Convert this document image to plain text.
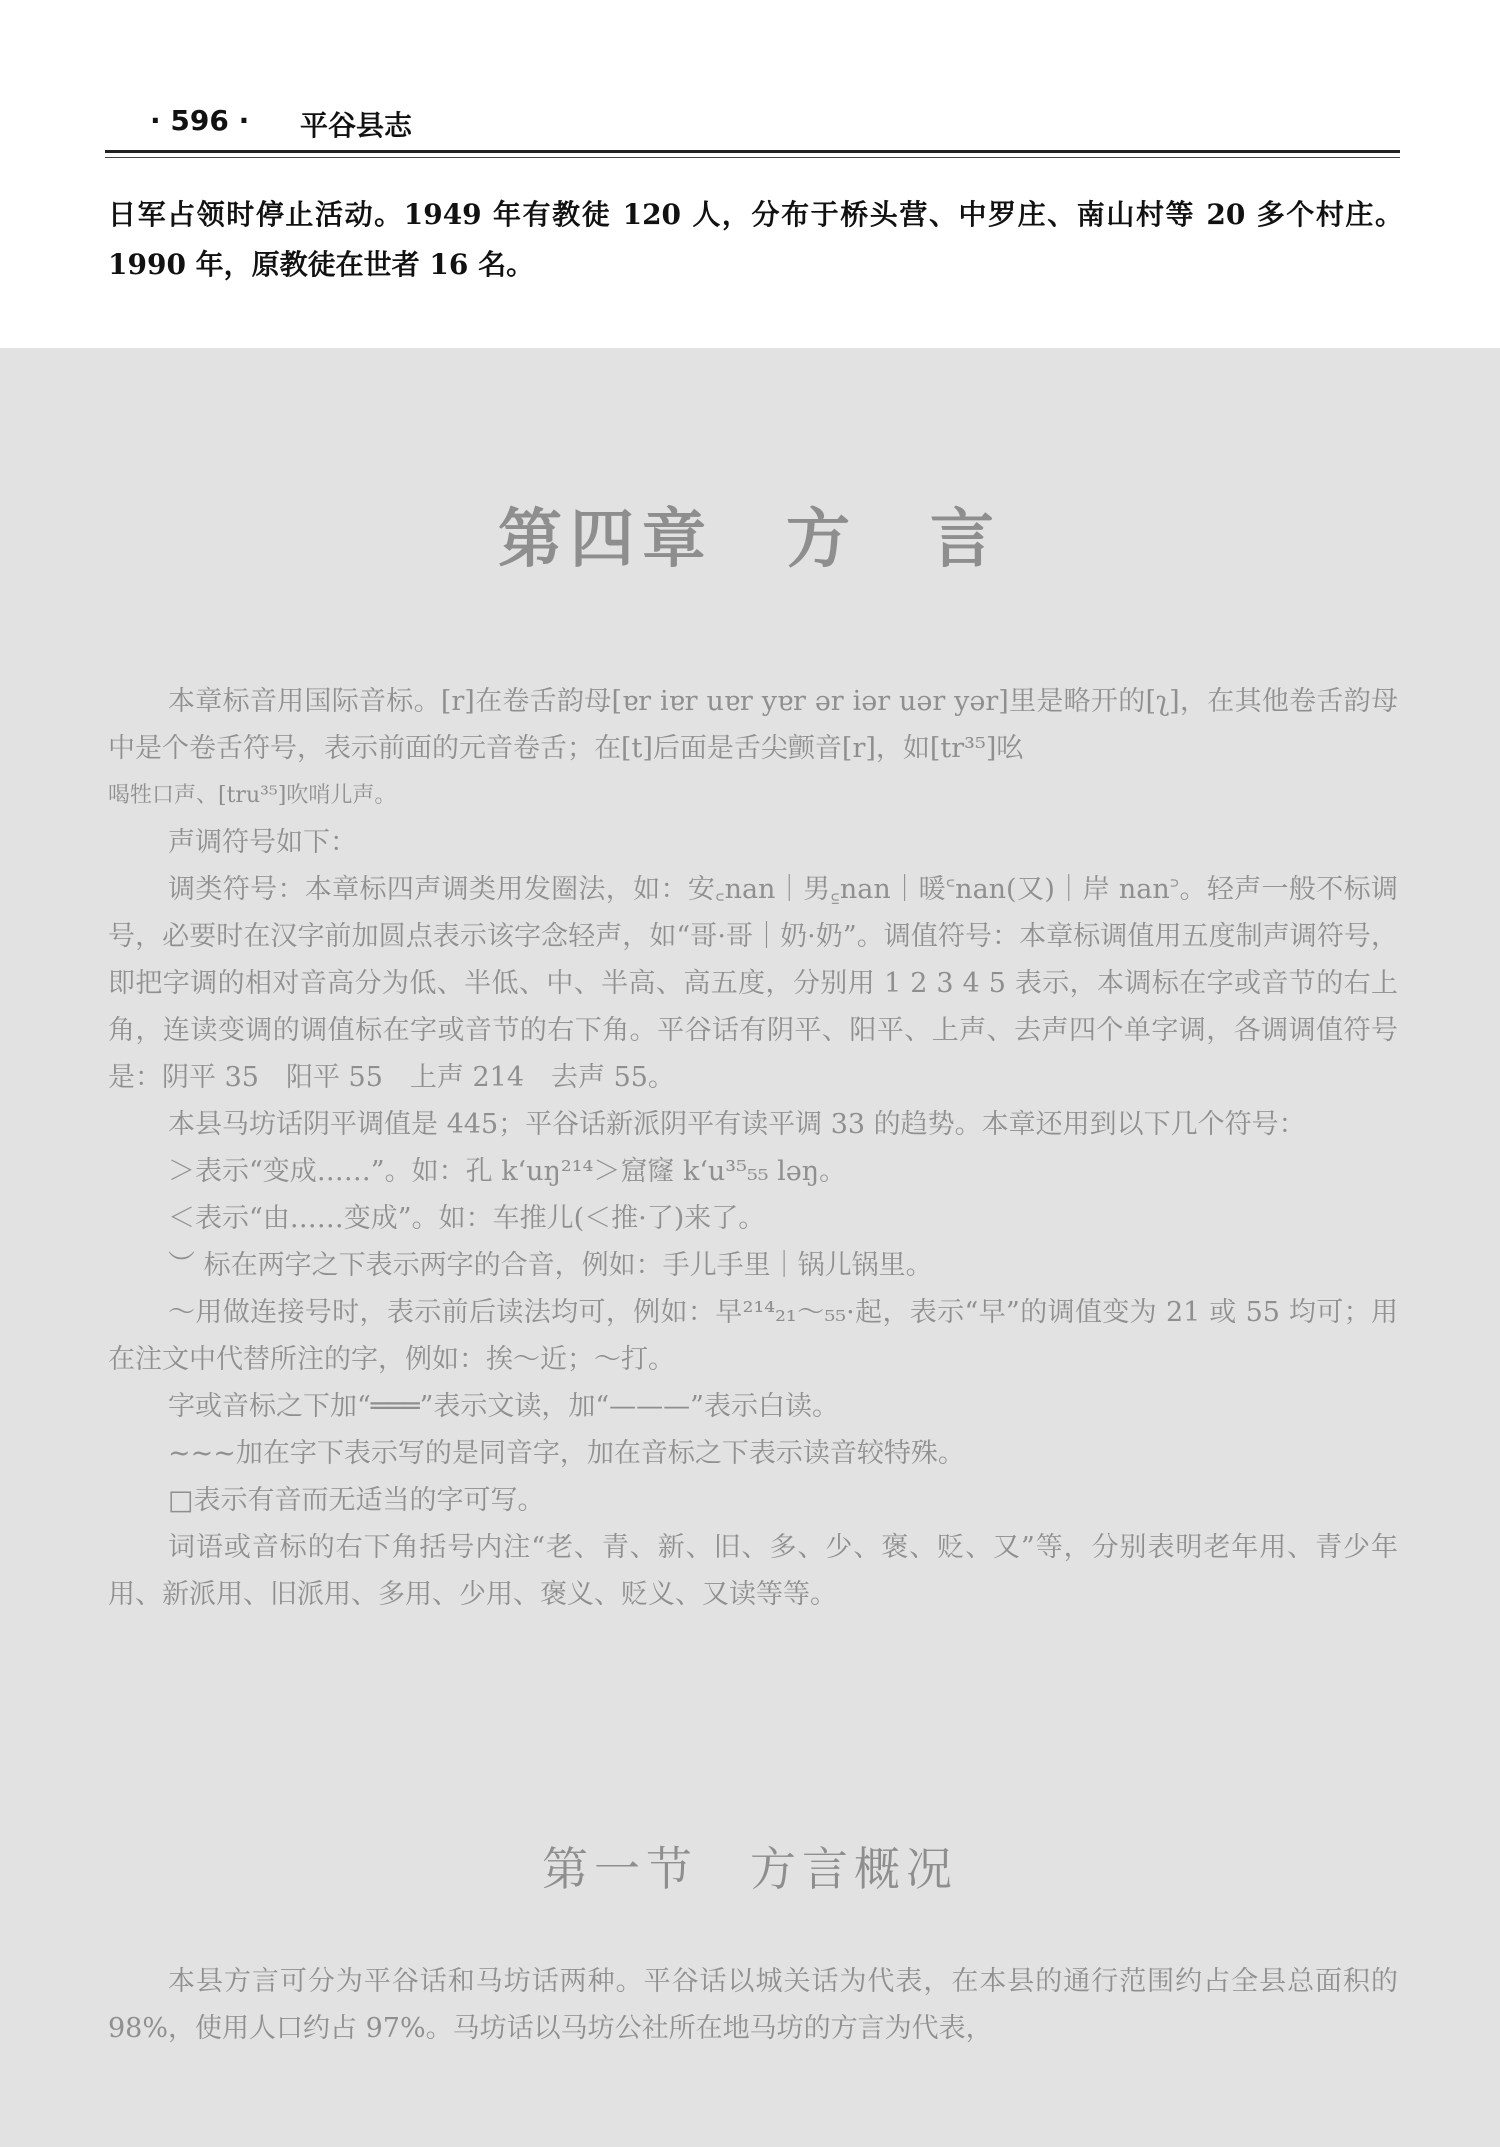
· 596 · 平谷县志
日军占领时停止活动。1949 年有教徒 120 人，分布于桥头营、中罗庄、南山村等 20 多个村庄。1990 年，原教徒在世者 16 名。
第四章　方　言

本章标音用国际音标。[r]在卷舌韵母[ɐr iɐr uɐr yɐr ər iər uər yər]里是略开的[ʅ]，在其他卷舌韵母中是个卷舌符号，表示前面的元音卷舌；在[t]后面是舌尖颤音[r]，如[tr³⁵]吆

喝牲口声、[tru³⁵]吹哨儿声。

声调符号如下：

调类符号：本章标四声调类用发圈法，如：安꜀nan｜男꜁nan｜暖꜂nan(又)｜岸 nan꜄。轻声一般不标调号，必要时在汉字前加圆点表示该字念轻声，如“哥·哥｜奶·奶”。调值符号：本章标调值用五度制声调符号，即把字调的相对音高分为低、半低、中、半高、高五度，分别用 1 2 3 4 5 表示，本调标在字或音节的右上角，连读变调的调值标在字或音节的右下角。平谷话有阴平、阳平、上声、去声四个单字调，各调调值符号是：阴平 35　阳平 55　上声 214　去声 55。

本县马坊话阴平调值是 445；平谷话新派阴平有读平调 33 的趋势。本章还用到以下几个符号：

＞表示“变成……”。如：孔 k‘uŋ²¹⁴＞窟窿 k‘u³⁵₅₅ ləŋ。

＜表示“由……变成”。如：车推儿(＜推·了)来了。

︶ 标在两字之下表示两字的合音，例如：手儿手里｜锅儿锅里。

～用做连接号时，表示前后读法均可，例如：早²¹⁴₂₁～₅₅·起，表示“早”的调值变为 21 或 55 均可；用在注文中代替所注的字，例如：挨～近；～打。

字或音标之下加“═══”表示文读，加“———”表示白读。

~~~加在字下表示写的是同音字，加在音标之下表示读音较特殊。

□表示有音而无适当的字可写。

词语或音标的右下角括号内注“老、青、新、旧、多、少、褒、贬、又”等，分别表明老年用、青少年用、新派用、旧派用、多用、少用、褒义、贬义、又读等等。

第一节　方言概况

本县方言可分为平谷话和马坊话两种。平谷话以城关话为代表，在本县的通行范围约占全县总面积的 98%，使用人口约占 97%。马坊话以马坊公社所在地马坊的方言为代表，
